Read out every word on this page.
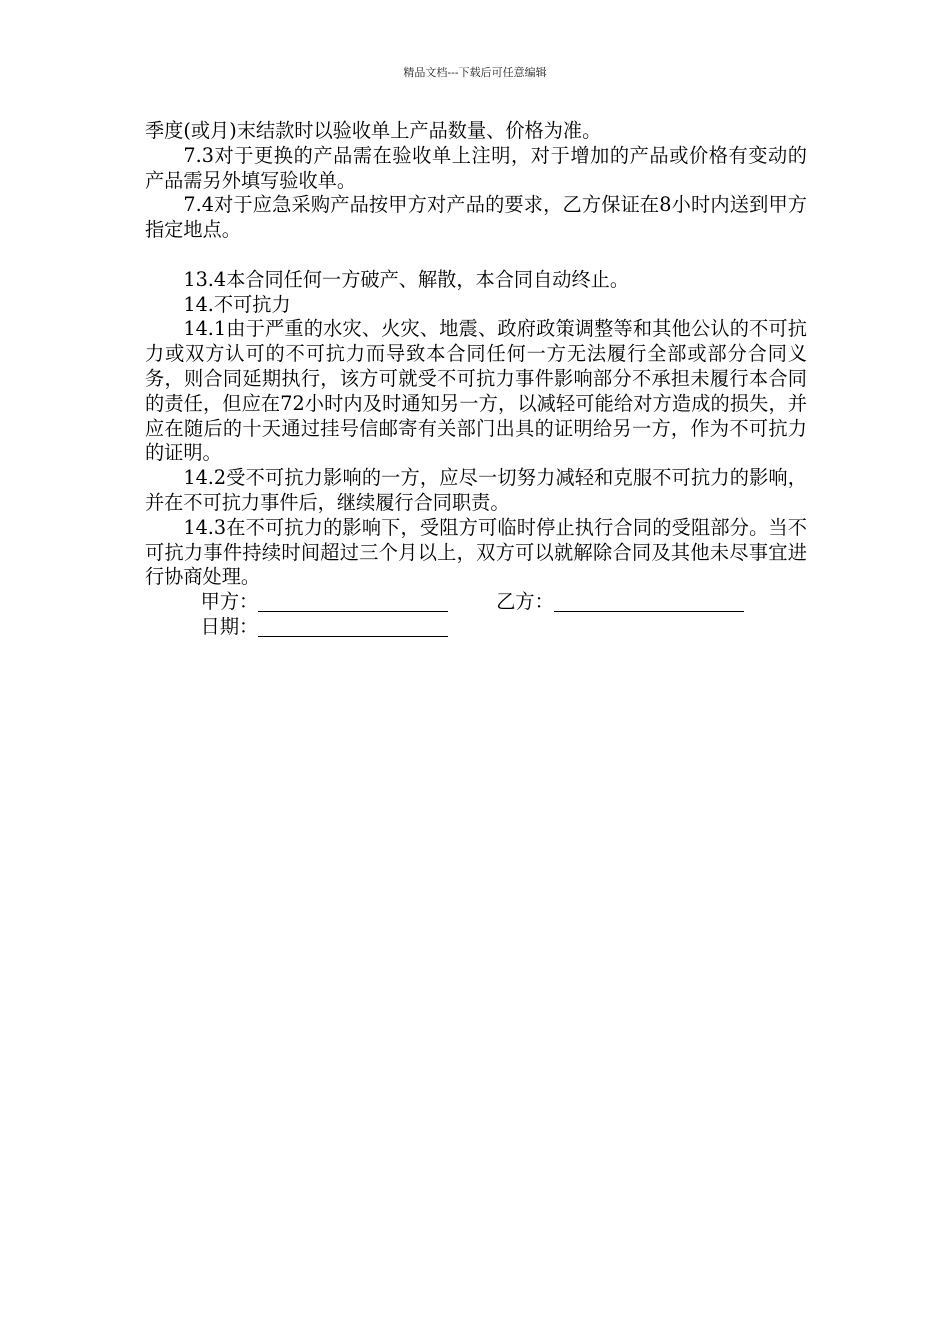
精品文档---下载后可任意编辑

季度(或月)末结款时以验收单上产品数量、价格为准。

7.3对于更换的产品需在验收单上注明，对于增加的产品或价格有变动的产品需另外填写验收单。

7.4对于应急采购产品按甲方对产品的要求，乙方保证在8小时内送到甲方指定地点。

13.4本合同任何一方破产、解散，本合同自动终止。

14.不可抗力

14.1由于严重的水灾、火灾、地震、政府政策调整等和其他公认的不可抗力或双方认可的不可抗力而导致本合同任何一方无法履行全部或部分合同义务，则合同延期执行，该方可就受不可抗力事件影响部分不承担未履行本合同的责任，但应在72小时内及时通知另一方，以减轻可能给对方造成的损失，并应在随后的十天通过挂号信邮寄有关部门出具的证明给另一方，作为不可抗力的证明。

14.2受不可抗力影响的一方，应尽一切努力减轻和克服不可抗力的影响，并在不可抗力事件后，继续履行合同职责。

14.3在不可抗力的影响下，受阻方可临时停止执行合同的受阻部分。当不可抗力事件持续时间超过三个月以上，双方可以就解除合同及其他未尽事宜进行协商处理。

甲方：	乙方：
日期：
